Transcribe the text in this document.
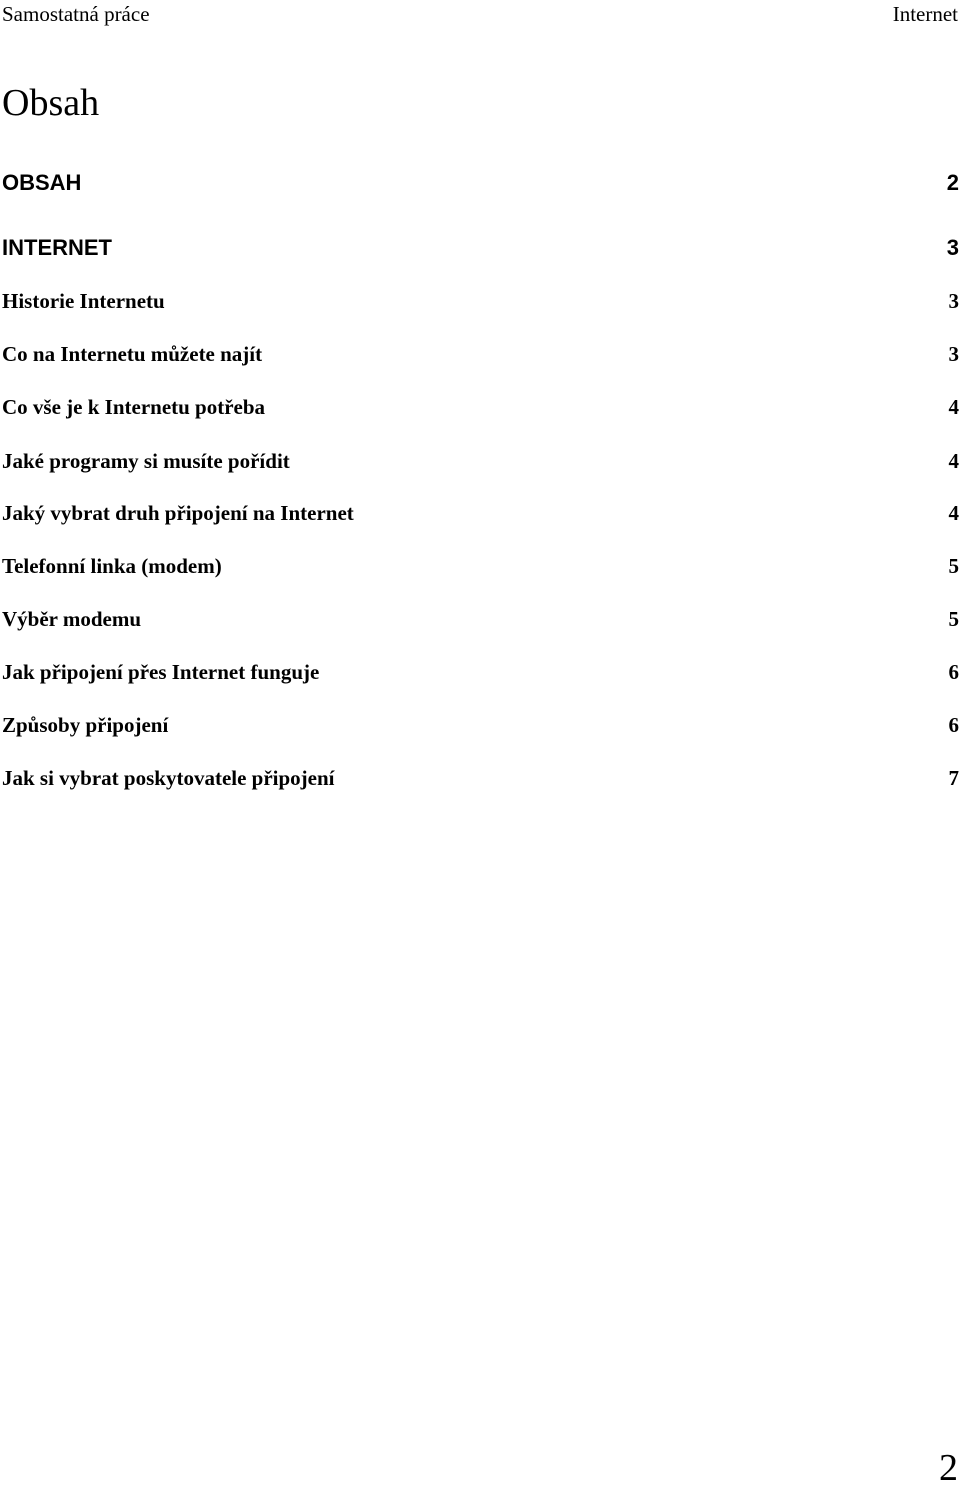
Samostatná práce	Internet
Obsah
OBSAH	2
INTERNET	3
Historie Internetu	3
Co na Internetu můžete najít	3
Co vše je k Internetu potřeba	4
Jaké programy si musíte pořídit	4
Jaký vybrat druh připojení na Internet	4
Telefonní linka (modem)	5
Výběr modemu	5
Jak připojení přes Internet funguje	6
Způsoby připojení	6
Jak si vybrat poskytovatele připojení	7
2
